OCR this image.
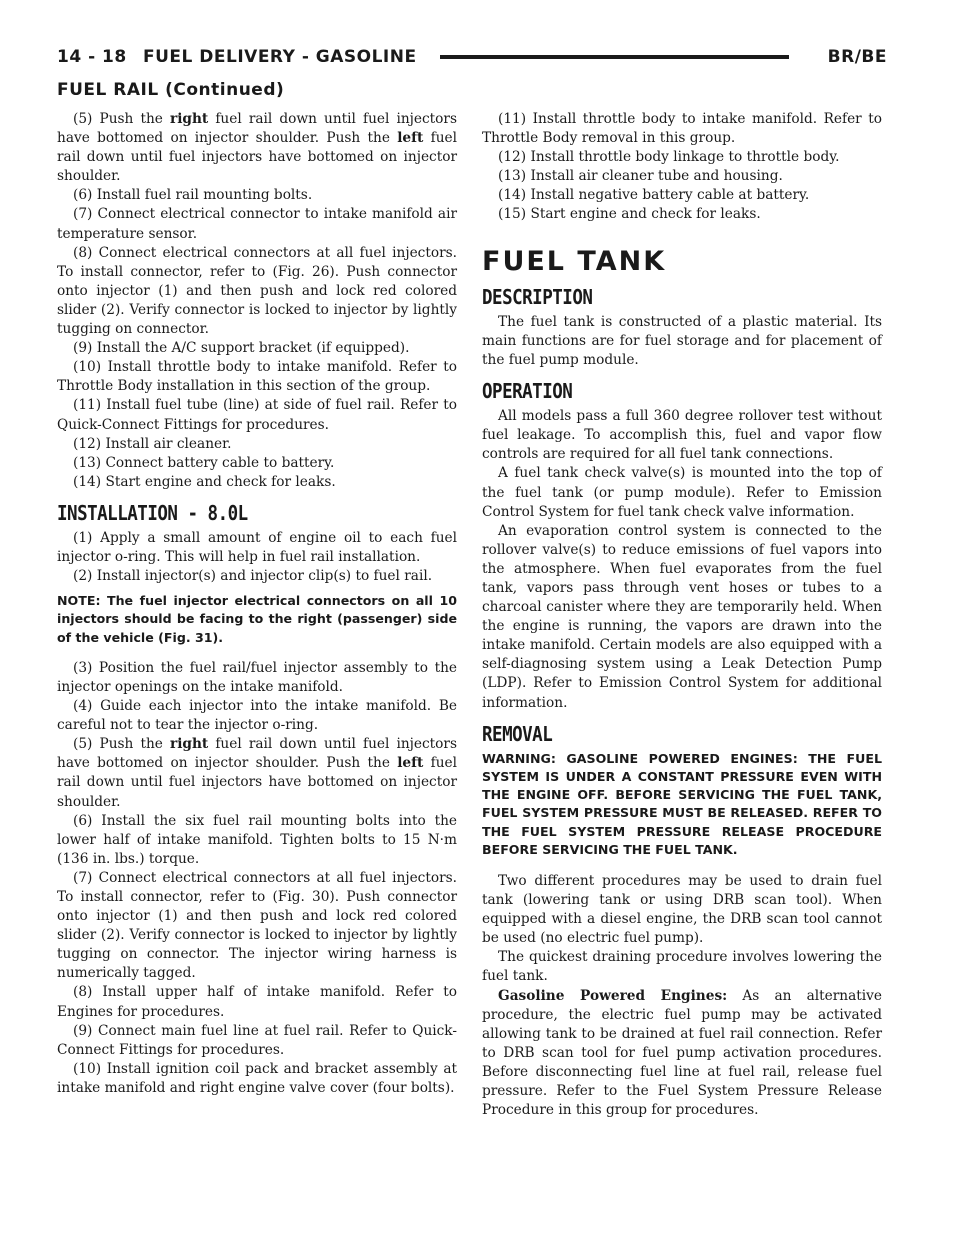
14 - 18 FUEL DELIVERY - GASOLINE	BR/BE
FUEL RAIL (Continued)

(5) Push the right fuel rail down until fuel injectors have bottomed on injector shoulder. Push the left fuel rail down until fuel injectors have bottomed on injector shoulder.

(6) Install fuel rail mounting bolts.

(7) Connect electrical connector to intake manifold air temperature sensor.

(8) Connect electrical connectors at all fuel injectors. To install connector, refer to (Fig. 26). Push connector onto injector (1) and then push and lock red colored slider (2). Verify connector is locked to injector by lightly tugging on connector.

(9) Install the A/C support bracket (if equipped).

(10) Install throttle body to intake manifold. Refer to Throttle Body installation in this section of the group.

(11) Install fuel tube (line) at side of fuel rail. Refer to Quick-Connect Fittings for procedures.

(12) Install air cleaner.

(13) Connect battery cable to battery.

(14) Start engine and check for leaks.

INSTALLATION - 8.0L

(1) Apply a small amount of engine oil to each fuel injector o-ring. This will help in fuel rail installation.

(2) Install injector(s) and injector clip(s) to fuel rail.

NOTE: The fuel injector electrical connectors on all 10 injectors should be facing to the right (passenger) side of the vehicle (Fig. 31).

(3) Position the fuel rail/fuel injector assembly to the injector openings on the intake manifold.

(4) Guide each injector into the intake manifold. Be careful not to tear the injector o-ring.

(5) Push the right fuel rail down until fuel injectors have bottomed on injector shoulder. Push the left fuel rail down until fuel injectors have bottomed on injector shoulder.

(6) Install the six fuel rail mounting bolts into the lower half of intake manifold. Tighten bolts to 15 N·m (136 in. lbs.) torque.

(7) Connect electrical connectors at all fuel injectors. To install connector, refer to (Fig. 30). Push connector onto injector (1) and then push and lock red colored slider (2). Verify connector is locked to injector by lightly tugging on connector. The injector wiring harness is numerically tagged.

(8) Install upper half of intake manifold. Refer to Engines for procedures.

(9) Connect main fuel line at fuel rail. Refer to Quick-Connect Fittings for procedures.

(10) Install ignition coil pack and bracket assembly at intake manifold and right engine valve cover (four bolts).

(11) Install throttle body to intake manifold. Refer to Throttle Body removal in this group.

(12) Install throttle body linkage to throttle body.

(13) Install air cleaner tube and housing.

(14) Install negative battery cable at battery.

(15) Start engine and check for leaks.

FUEL TANK
DESCRIPTION

The fuel tank is constructed of a plastic material. Its main functions are for fuel storage and for placement of the fuel pump module.

OPERATION

All models pass a full 360 degree rollover test without fuel leakage. To accomplish this, fuel and vapor flow controls are required for all fuel tank connections.

A fuel tank check valve(s) is mounted into the top of the fuel tank (or pump module). Refer to Emission Control System for fuel tank check valve information.

An evaporation control system is connected to the rollover valve(s) to reduce emissions of fuel vapors into the atmosphere. When fuel evaporates from the fuel tank, vapors pass through vent hoses or tubes to a charcoal canister where they are temporarily held. When the engine is running, the vapors are drawn into the intake manifold. Certain models are also equipped with a self-diagnosing system using a Leak Detection Pump (LDP). Refer to Emission Control System for additional information.

REMOVAL

WARNING: GASOLINE POWERED ENGINES: THE FUEL SYSTEM IS UNDER A CONSTANT PRESSURE EVEN WITH THE ENGINE OFF. BEFORE SERVICING THE FUEL TANK, FUEL SYSTEM PRESSURE MUST BE RELEASED. REFER TO THE FUEL SYSTEM PRESSURE RELEASE PROCEDURE BEFORE SERVICING THE FUEL TANK.

Two different procedures may be used to drain fuel tank (lowering tank or using DRB scan tool). When equipped with a diesel engine, the DRB scan tool cannot be used (no electric fuel pump).

The quickest draining procedure involves lowering the fuel tank.

Gasoline Powered Engines: As an alternative procedure, the electric fuel pump may be activated allowing tank to be drained at fuel rail connection. Refer to DRB scan tool for fuel pump activation procedures. Before disconnecting fuel line at fuel rail, release fuel pressure. Refer to the Fuel System Pressure Release Procedure in this group for procedures.
